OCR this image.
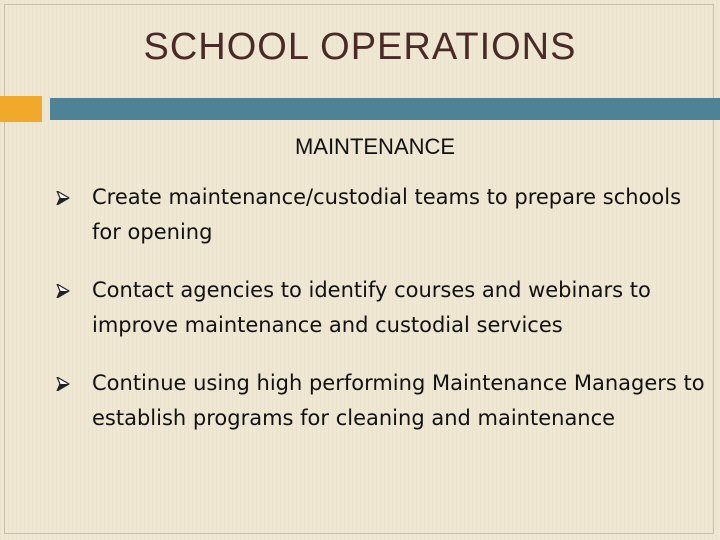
SCHOOL OPERATIONS
MAINTENANCE
Create maintenance/custodial teams to prepare schools for opening
Contact agencies to identify courses and webinars to improve maintenance and custodial services
Continue using high performing Maintenance Managers to establish programs for cleaning and maintenance
